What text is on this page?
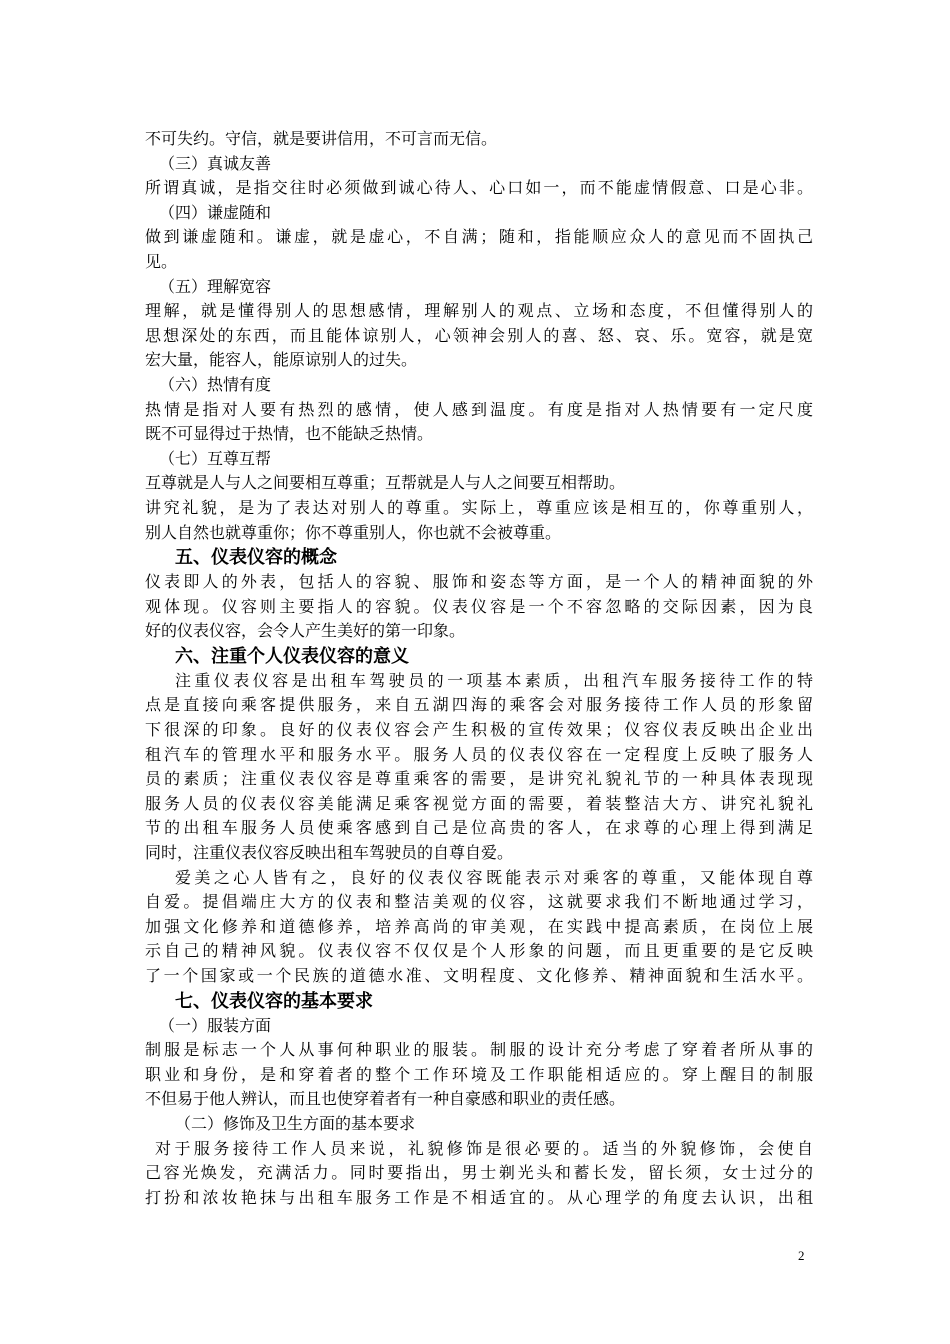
不可失约。守信，就是要讲信用，不可言而无信。
（三）真诚友善
所谓真诚，是指交往时必须做到诚心待人、心口如一，而不能虚情假意、口是心非。
（四）谦虚随和
做到谦虚随和。谦虚，就是虚心，不自满；随和，指能顺应众人的意见而不固执己
见。
（五）理解宽容
理解，就是懂得别人的思想感情，理解别人的观点、立场和态度，不但懂得别人的
思想深处的东西，而且能体谅别人，心领神会别人的喜、怒、哀、乐。宽容，就是宽
宏大量，能容人，能原谅别人的过失。
（六）热情有度
热情是指对人要有热烈的感情，使人感到温度。有度是指对人热情要有一定尺度
既不可显得过于热情，也不能缺乏热情。
（七）互尊互帮
互尊就是人与人之间要相互尊重；互帮就是人与人之间要互相帮助。
讲究礼貌，是为了表达对别人的尊重。实际上，尊重应该是相互的，你尊重别人，
别人自然也就尊重你；你不尊重别人，你也就不会被尊重。
五、仪表仪容的概念
仪表即人的外表，包括人的容貌、服饰和姿态等方面，是一个人的精神面貌的外
观体现。仪容则主要指人的容貌。仪表仪容是一个不容忽略的交际因素，因为良
好的仪表仪容，会令人产生美好的第一印象。
六、注重个人仪表仪容的意义
注重仪表仪容是出租车驾驶员的一项基本素质，出租汽车服务接待工作的特
点是直接向乘客提供服务，来自五湖四海的乘客会对服务接待工作人员的形象留
下很深的印象。良好的仪表仪容会产生积极的宣传效果；仪容仪表反映出企业出
租汽车的管理水平和服务水平。服务人员的仪表仪容在一定程度上反映了服务人
员的素质；注重仪表仪容是尊重乘客的需要，是讲究礼貌礼节的一种具体表现现
服务人员的仪表仪容美能满足乘客视觉方面的需要，着装整洁大方、讲究礼貌礼
节的出租车服务人员使乘客感到自己是位高贵的客人，在求尊的心理上得到满足
同时，注重仪表仪容反映出租车驾驶员的自尊自爱。
爱美之心人皆有之，良好的仪表仪容既能表示对乘客的尊重，又能体现自尊
自爱。提倡端庄大方的仪表和整洁美观的仪容，这就要求我们不断地通过学习，
加强文化修养和道德修养，培养高尚的审美观，在实践中提高素质，在岗位上展
示自己的精神风貌。仪表仪容不仅仅是个人形象的问题，而且更重要的是它反映
了一个国家或一个民族的道德水准、文明程度、文化修养、精神面貌和生活水平。
七、仪表仪容的基本要求
（一）服装方面
制服是标志一个人从事何种职业的服装。制服的设计充分考虑了穿着者所从事的
职业和身份，是和穿着者的整个工作环境及工作职能相适应的。穿上醒目的制服
不但易于他人辨认，而且也使穿着者有一种自豪感和职业的责任感。
（二）修饰及卫生方面的基本要求
对于服务接待工作人员来说，礼貌修饰是很必要的。适当的外貌修饰，会使自
己容光焕发，充满活力。同时要指出，男士剃光头和蓄长发，留长须，女士过分的
打扮和浓妆艳抹与出租车服务工作是不相适宜的。从心理学的角度去认识，出租
2
